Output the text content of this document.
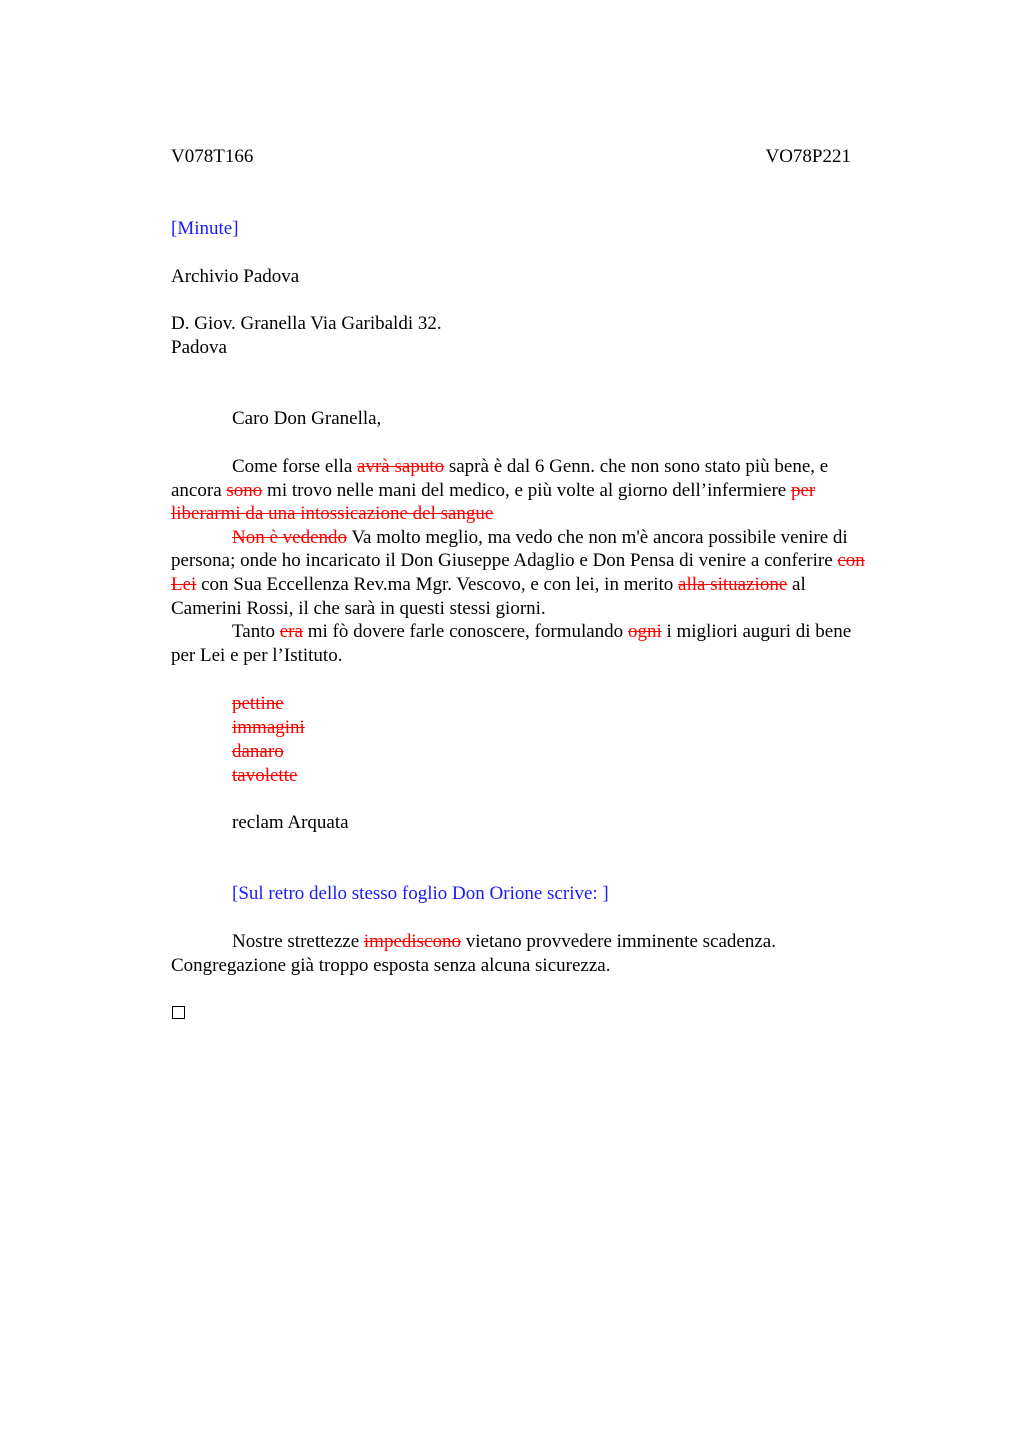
V078T166	VO78P221
[Minute]
Archivio Padova
D. Giov. Granella Via Garibaldi 32.
Padova
Caro Don Granella,
Come forse ella avrà saputo saprà è dal 6 Genn. che non sono stato più bene, e
ancora sono mi trovo nelle mani del medico, e più volte al giorno dell’infermiere per
liberarmi da una intossicazione del sangue
Non è vedendo Va molto meglio, ma vedo che non m'è ancora possibile venire di
persona; onde ho incaricato il Don Giuseppe Adaglio e Don Pensa di venire a conferire con
Lei con Sua Eccellenza Rev.ma Mgr. Vescovo, e con lei, in merito alla situazione al
Camerini Rossi, il che sarà in questi stessi giorni.
Tanto era mi fò dovere farle conoscere, formulando ogni i migliori auguri di bene
per Lei e per l’Istituto.
pettine
immagini
danaro
tavolette
reclam Arquata
[Sul retro dello stesso foglio Don Orione scrive: ]
Nostre strettezze impediscono vietano provvedere imminente scadenza.
Congregazione già troppo esposta senza alcuna sicurezza.
